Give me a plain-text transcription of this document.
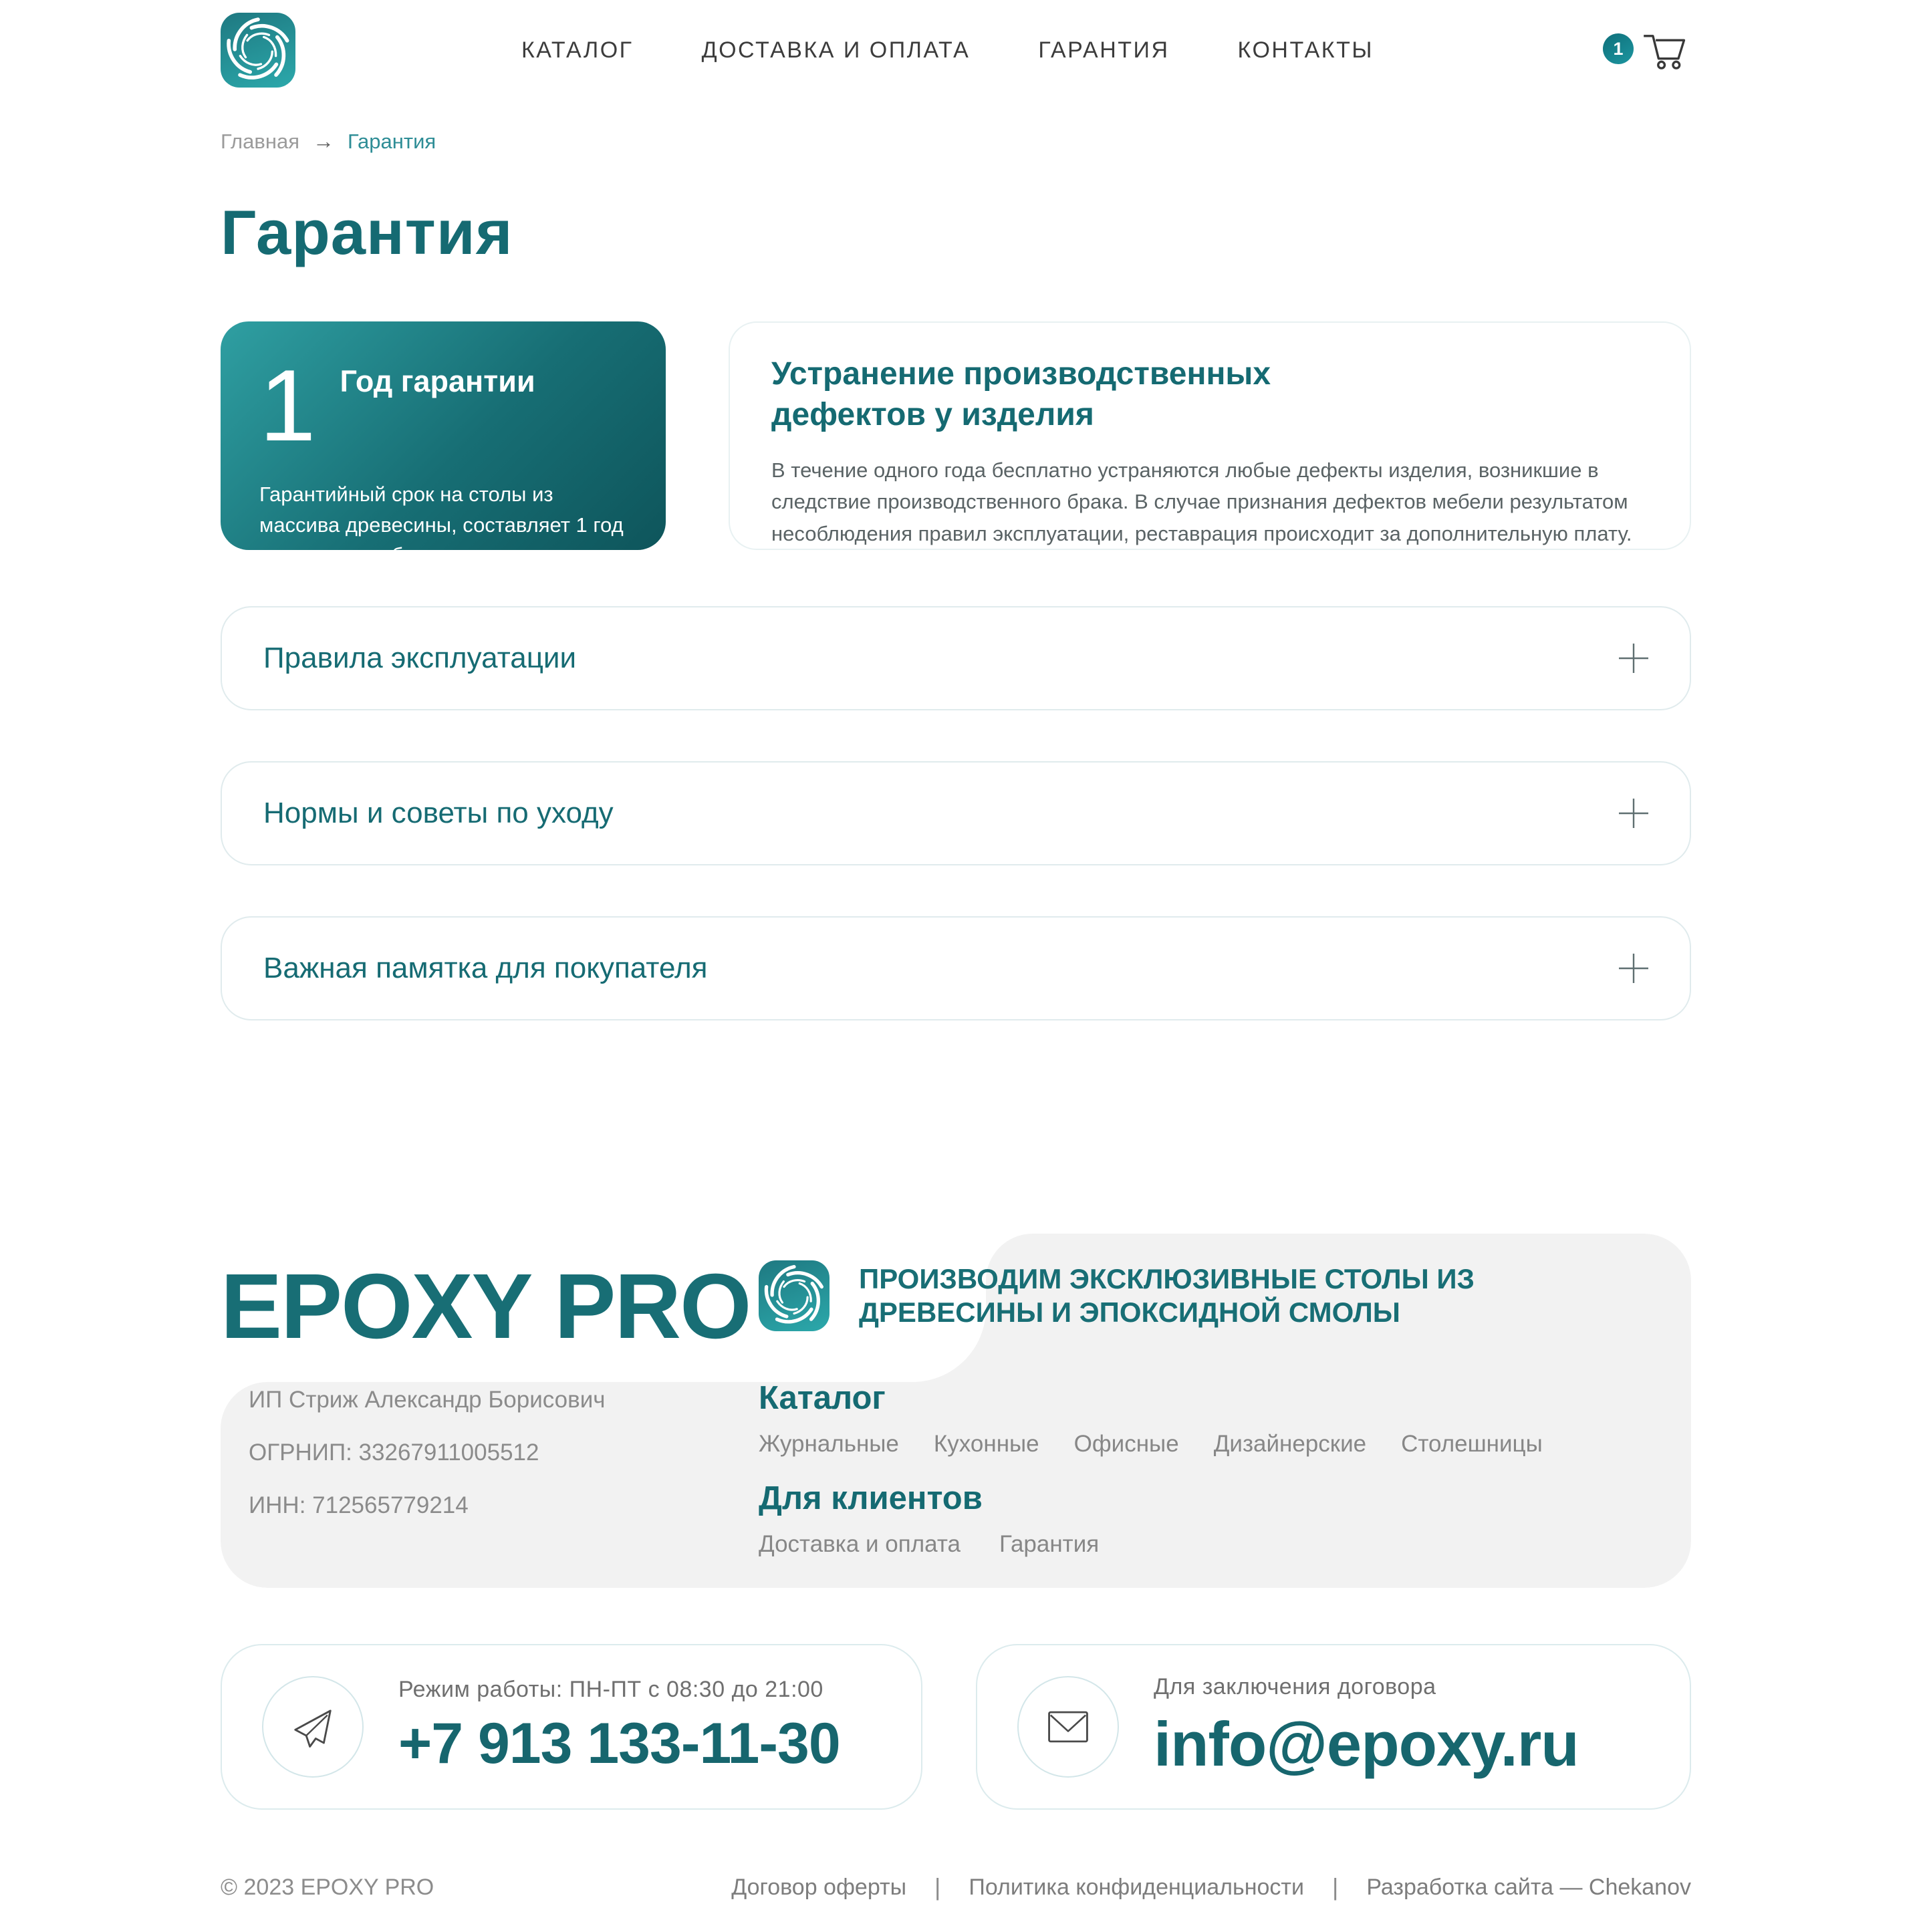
КАТАЛОГ	ДОСТАВКА И ОПЛАТА	ГАРАНТИЯ	КОНТАКТЫ	1
Главная → Гарантия
Гарантия
1 Год гарантии
Гарантийный срок на столы из массива древесины, составляет 1 год только при соблюдении правил эксплуатации и правильном уходе.
Устранение производственных дефектов у изделия
В течение одного года бесплатно устраняются любые дефекты изделия, возникшие в следствие производственного брака. В случае признания дефектов мебели результатом несоблюдения правил эксплуатации, реставрация происходит за дополнительную плату.
Правила эксплуатации
Нормы и советы по уходу
Важная памятка для покупателя
EPOXY PRO
ИП Стриж Александр Борисович
ОГРНИП: 33267911005512
ИНН: 712565779214
ПРОИЗВОДИМ ЭКСКЛЮЗИВНЫЕ СТОЛЫ ИЗ ДРЕВЕСИНЫ И ЭПОКСИДНОЙ СМОЛЫ
Каталог
Журнальные Кухонные Офисные Дизайнерские Столешницы
Для клиентов
Доставка и оплата Гарантия
Режим работы: ПН-ПТ с 08:30 до 21:00
+7 913 133-11-30
Для заключения договора
info@epoxy.ru
© 2023 EPOXY PRO	Договор оферты | Политика конфиденциальности | Разработка сайта — Chekanov
